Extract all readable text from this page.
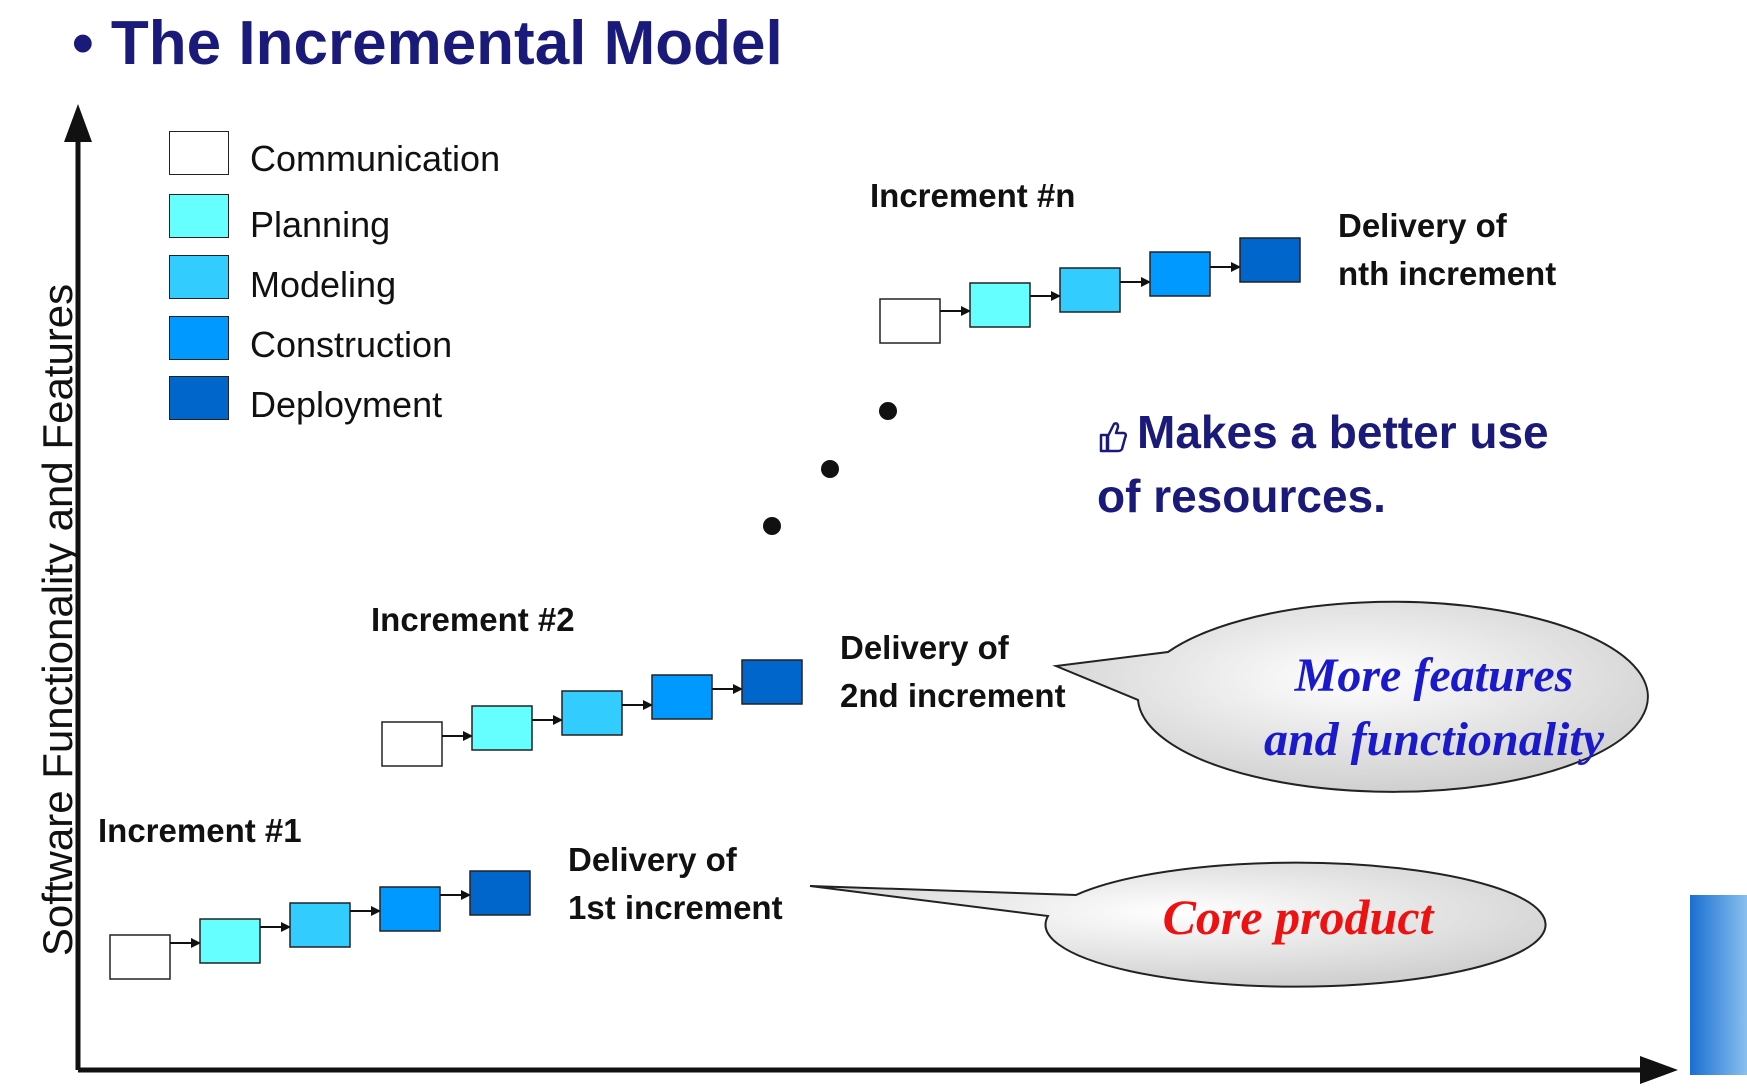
• The Incremental Model
Software Functionality and Features
Communication
Planning
Modeling
Construction
Deployment
Increment #1
Increment #2
Increment #n
Delivery of
1st increment
Delivery of
2nd increment
Delivery of
nth increment
Makes a better use
of resources.
More features
and functionality
Core product
